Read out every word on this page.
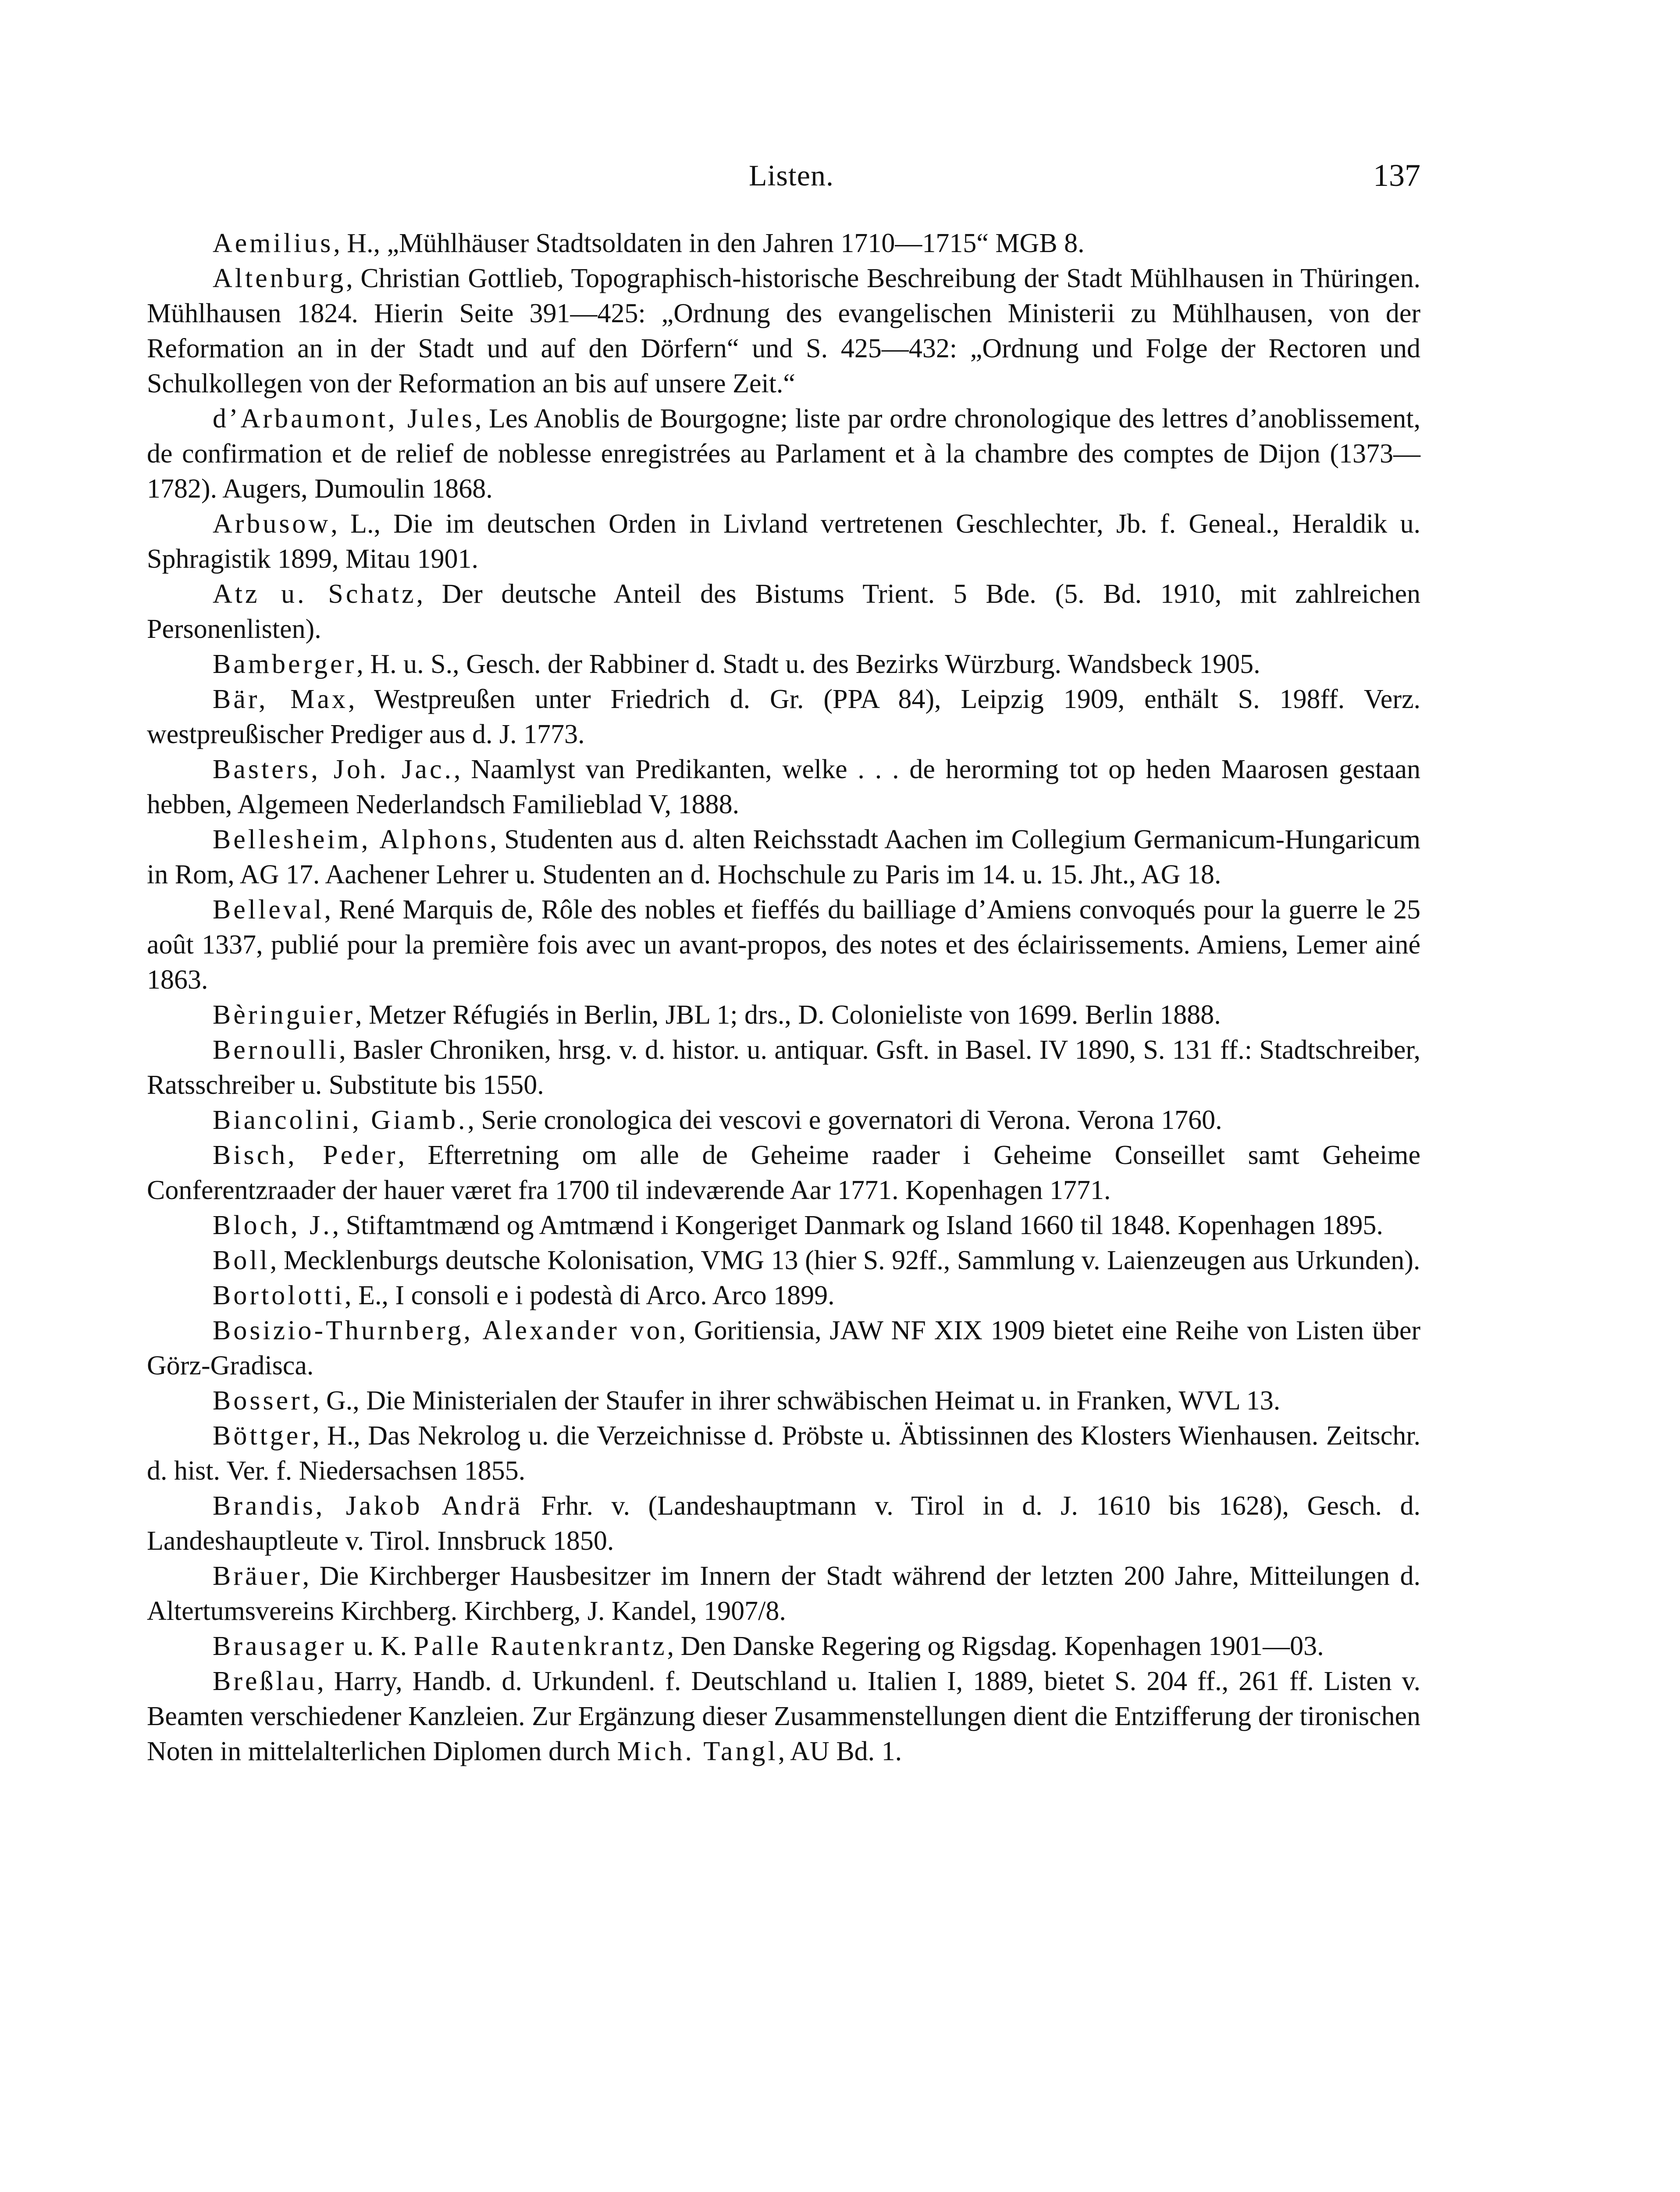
Listen.	137

Aemilius, H., „Mühlhäuser Stadtsoldaten in den Jahren 1710—1715“ MGB 8.

Altenburg, Christian Gottlieb, Topographisch-historische Beschreibung der Stadt Mühlhausen in Thüringen. Mühlhausen 1824. Hierin Seite 391—425: „Ordnung des evangelischen Ministerii zu Mühlhausen, von der Reformation an in der Stadt und auf den Dörfern“ und S. 425—432: „Ordnung und Folge der Rectoren und Schulkollegen von der Reformation an bis auf unsere Zeit.“

d’Arbaumont, Jules, Les Anoblis de Bourgogne; liste par ordre chronologique des lettres d’anoblissement, de confirmation et de relief de noblesse enregistrées au Parlament et à la chambre des comptes de Dijon (1373—1782). Augers, Dumoulin 1868.

Arbusow, L., Die im deutschen Orden in Livland vertretenen Geschlechter, Jb. f. Geneal., Heraldik u. Sphragistik 1899, Mitau 1901.

Atz u. Schatz, Der deutsche Anteil des Bistums Trient. 5 Bde. (5. Bd. 1910, mit zahlreichen Personenlisten).

Bamberger, H. u. S., Gesch. der Rabbiner d. Stadt u. des Bezirks Würzburg. Wandsbeck 1905.

Bär, Max, Westpreußen unter Friedrich d. Gr. (PPA 84), Leipzig 1909, enthält S. 198ff. Verz. westpreußischer Prediger aus d. J. 1773.

Basters, Joh. Jac., Naamlyst van Predikanten, welke . . . de herorming tot op heden Maarosen gestaan hebben, Algemeen Nederlandsch Familieblad V, 1888.

Bellesheim, Alphons, Studenten aus d. alten Reichsstadt Aachen im Collegium Germanicum-Hungaricum in Rom, AG 17. Aachener Lehrer u. Studenten an d. Hochschule zu Paris im 14. u. 15. Jht., AG 18.

Belleval, René Marquis de, Rôle des nobles et fieffés du bailliage d’Amiens convoqués pour la guerre le 25 août 1337, publié pour la première fois avec un avant-propos, des notes et des éclairissements. Amiens, Lemer ainé 1863.

Bèringuier, Metzer Réfugiés in Berlin, JBL 1; drs., D. Colonieliste von 1699. Berlin 1888.

Bernoulli, Basler Chroniken, hrsg. v. d. histor. u. antiquar. Gsft. in Basel. IV 1890, S. 131 ff.: Stadtschreiber, Ratsschreiber u. Substitute bis 1550.

Biancolini, Giamb., Serie cronologica dei vescovi e governatori di Verona. Verona 1760.

Bisch, Peder, Efterretning om alle de Geheime raader i Geheime Conseillet samt Geheime Conferentzraader der hauer været fra 1700 til indeværende Aar 1771. Kopenhagen 1771.

Bloch, J., Stiftamtmænd og Amtmænd i Kongeriget Danmark og Island 1660 til 1848. Kopenhagen 1895.

Boll, Mecklenburgs deutsche Kolonisation, VMG 13 (hier S. 92ff., Sammlung v. Laienzeugen aus Urkunden).

Bortolotti, E., I consoli e i podestà di Arco. Arco 1899.

Bosizio-Thurnberg, Alexander von, Goritiensia, JAW NF XIX 1909 bietet eine Reihe von Listen über Görz-Gradisca.

Bossert, G., Die Ministerialen der Staufer in ihrer schwäbischen Heimat u. in Franken, WVL 13.

Böttger, H., Das Nekrolog u. die Verzeichnisse d. Pröbste u. Äbtissinnen des Klosters Wienhausen. Zeitschr. d. hist. Ver. f. Niedersachsen 1855.

Brandis, Jakob Andrä Frhr. v. (Landeshauptmann v. Tirol in d. J. 1610 bis 1628), Gesch. d. Landeshauptleute v. Tirol. Innsbruck 1850.

Bräuer, Die Kirchberger Hausbesitzer im Innern der Stadt während der letzten 200 Jahre, Mitteilungen d. Altertumsvereins Kirchberg. Kirchberg, J. Kandel, 1907/8.

Brausager u. K. Palle Rautenkrantz, Den Danske Regering og Rigsdag. Kopenhagen 1901—03.

Breßlau, Harry, Handb. d. Urkundenl. f. Deutschland u. Italien I, 1889, bietet S. 204 ff., 261 ff. Listen v. Beamten verschiedener Kanzleien. Zur Ergänzung dieser Zusammenstellungen dient die Entzifferung der tironischen Noten in mittelalterlichen Diplomen durch Mich. Tangl, AU Bd. 1.
